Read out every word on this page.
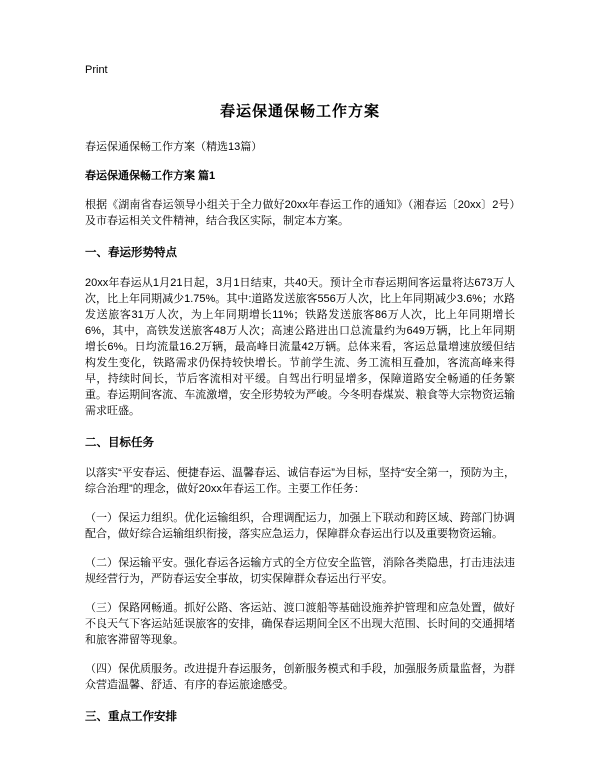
Print
春运保通保畅工作方案
春运保通保畅工作方案（精选13篇）
春运保通保畅工作方案 篇1
根据《湖南省春运领导小组关于全力做好20xx年春运工作的通知》（湘春运〔20xx〕2号）及市春运相关文件精神，结合我区实际，制定本方案。
一、春运形势特点
20xx年春运从1月21日起，3月1日结束，共40天。预计全市春运期间客运量将达673万人次，比上年同期减少1.75%。其中:道路发送旅客556万人次，比上年同期减少3.6%；水路发送旅客31万人次，为上年同期增长11%；铁路发送旅客86万人次，比上年同期增长6%，其中，高铁发送旅客48万人次；高速公路进出口总流量约为649万辆，比上年同期增长6%。日均流量16.2万辆，最高峰日流量42万辆。总体来看，客运总量增速放缓但结构发生变化，铁路需求仍保持较快增长。节前学生流、务工流相互叠加，客流高峰来得早，持续时间长，节后客流相对平缓。自驾出行明显增多，保障道路安全畅通的任务繁重。春运期间客流、车流激增，安全形势较为严峻。今冬明春煤炭、粮食等大宗物资运输需求旺盛。
二、目标任务
以落实“平安春运、便捷春运、温馨春运、诚信春运”为目标，坚持“安全第一，预防为主，综合治理”的理念，做好20xx年春运工作。主要工作任务：
（一）保运力组织。优化运输组织，合理调配运力，加强上下联动和跨区域、跨部门协调配合，做好综合运输组织衔接，落实应急运力，保障群众春运出行以及重要物资运输。
（二）保运输平安。强化春运各运输方式的全方位安全监管，消除各类隐患，打击违法违规经营行为，严防春运安全事故，切实保障群众春运出行平安。
（三）保路网畅通。抓好公路、客运站、渡口渡船等基础设施养护管理和应急处置，做好不良天气下客运站延误旅客的安排，确保春运期间全区不出现大范围、长时间的交通拥堵和旅客滞留等现象。
（四）保优质服务。改进提升春运服务，创新服务模式和手段，加强服务质量监督，为群众营造温馨、舒适、有序的春运旅途感受。
三、重点工作安排
